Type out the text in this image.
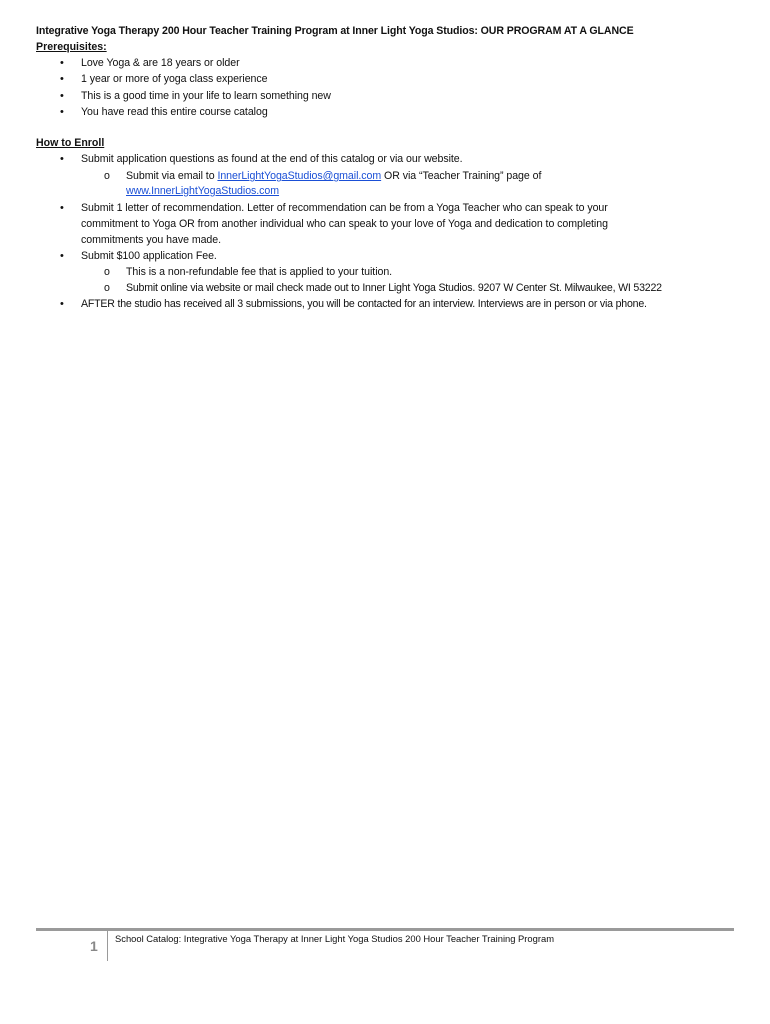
Integrative Yoga Therapy 200 Hour Teacher Training Program at Inner Light Yoga Studios: OUR PROGRAM AT A GLANCE
Prerequisites:
• Love Yoga & are 18 years or older
• 1 year or more of yoga class experience
• This is a good time in your life to learn something new
• You have read this entire course catalog
How to Enroll
• Submit application questions as found at the end of this catalog or via our website.
o Submit via email to InnerLightYogaStudios@gmail.com OR via “Teacher Training” page of
www.InnerLightYogaStudios.com
• Submit 1 letter of recommendation. Letter of recommendation can be from a Yoga Teacher who can speak to your
commitment to Yoga OR from another individual who can speak to your love of Yoga and dedication to completing
commitments you have made.
• Submit $100 application Fee.
o This is a non-refundable fee that is applied to your tuition.
o Submit online via website or mail check made out to Inner Light Yoga Studios. 9207 W Center St. Milwaukee, WI 53222
• AFTER the studio has received all 3 submissions, you will be contacted for an interview. Interviews are in person or via phone.
1 School Catalog: Integrative Yoga Therapy at Inner Light Yoga Studios 200 Hour Teacher Training Program
